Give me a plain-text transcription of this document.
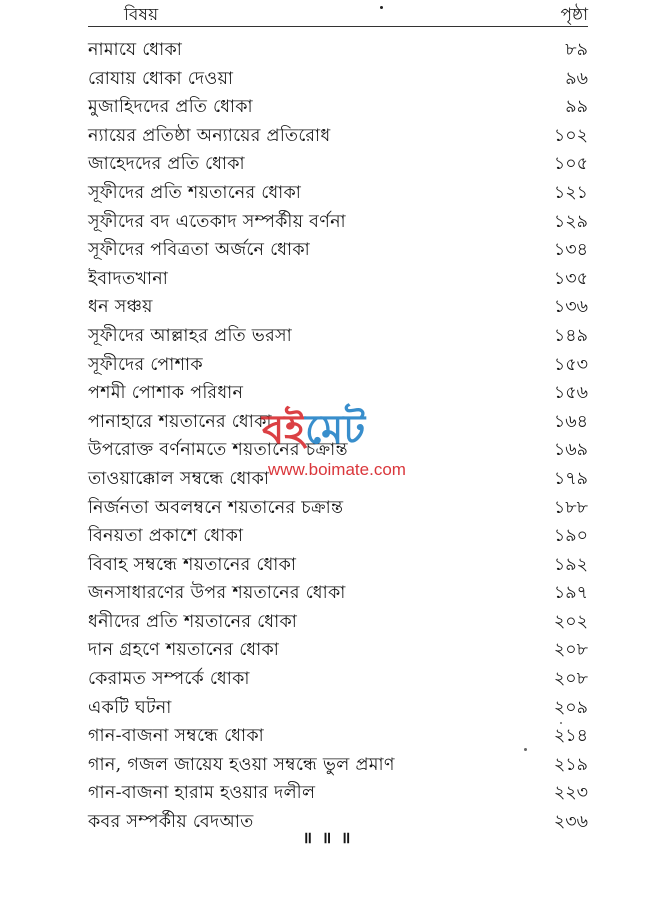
বিষয়	পৃষ্ঠা
নামাযে ধোকা	৮৯
রোযায় ধোকা দেওয়া	৯৬
মুজাহিদদের প্রতি ধোকা	৯৯
ন্যায়ের প্রতিষ্ঠা অন্যায়ের প্রতিরোধ	১০২
জাহেদদের প্রতি ধোকা	১০৫
সূফীদের প্রতি শয়তানের ধোকা	১২১
সূফীদের বদ এতেকাদ সম্পর্কীয় বর্ণনা	১২৯
সূফীদের পবিত্রতা অর্জনে ধোকা	১৩৪
ইবাদতখানা	১৩৫
ধন সঞ্চয়	১৩৬
সূফীদের আল্লাহর প্রতি ভরসা	১৪৯
সূফীদের পোশাক	১৫৩
পশমী পোশাক পরিধান	১৫৬
পানাহারে শয়তানের ধোকা	১৬৪
উপরোক্ত বর্ণনামতে শয়তানের চক্রান্ত	১৬৯
তাওয়াক্কোল সম্বন্ধে ধোকা	১৭৯
নির্জনতা অবলম্বনে শয়তানের চক্রান্ত	১৮৮
বিনয়তা প্রকাশে ধোকা	১৯০
বিবাহ সম্বন্ধে শয়তানের ধোকা	১৯২
জনসাধারণের উপর শয়তানের ধোকা	১৯৭
ধনীদের প্রতি শয়তানের ধোকা	২০২
দান গ্রহণে শয়তানের ধোকা	২০৮
কেরামত সম্পর্কে ধোকা	২০৮
একটি ঘটনা	২০৯
গান-বাজনা সম্বন্ধে ধোকা	২১৪
গান, গজল জায়েয হওয়া সম্বন্ধে ভুল প্রমাণ	২১৯
গান-বাজনা হারাম হওয়ার দলীল	২২৩
কবর সম্পর্কীয় বেদআত	২৩৬
বইমেট
www.boimate.com
॥ ॥ ॥
